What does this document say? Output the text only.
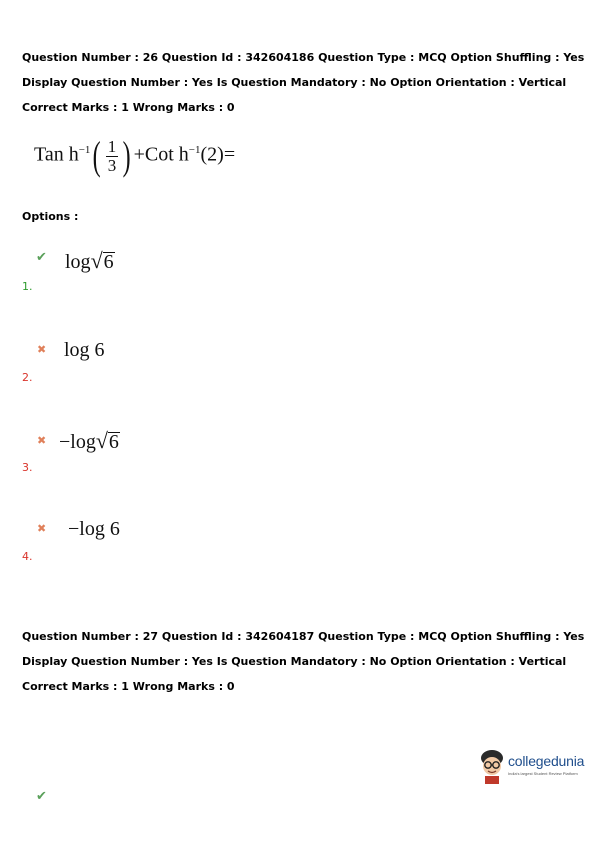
Question Number : 26 Question Id : 342604186 Question Type : MCQ Option Shuffling : Yes
Display Question Number : Yes Is Question Mandatory : No Option Orientation : Vertical
Correct Marks : 1 Wrong Marks : 0
Tan $h^{-1}( \frac{1}{3}$ ) +Cot $h^{-1}(2)=$
Options :
✔ log√6
1.
✖ log 6
2.
✖ −log√6
3.
✖ −log 6
4.
Question Number : 27 Question Id : 342604187 Question Type : MCQ Option Shuffling : Yes
Display Question Number : Yes Is Question Mandatory : No Option Orientation : Vertical
Correct Marks : 1 Wrong Marks : 0
collegedunia
India's largest Student Review Platform
✔
